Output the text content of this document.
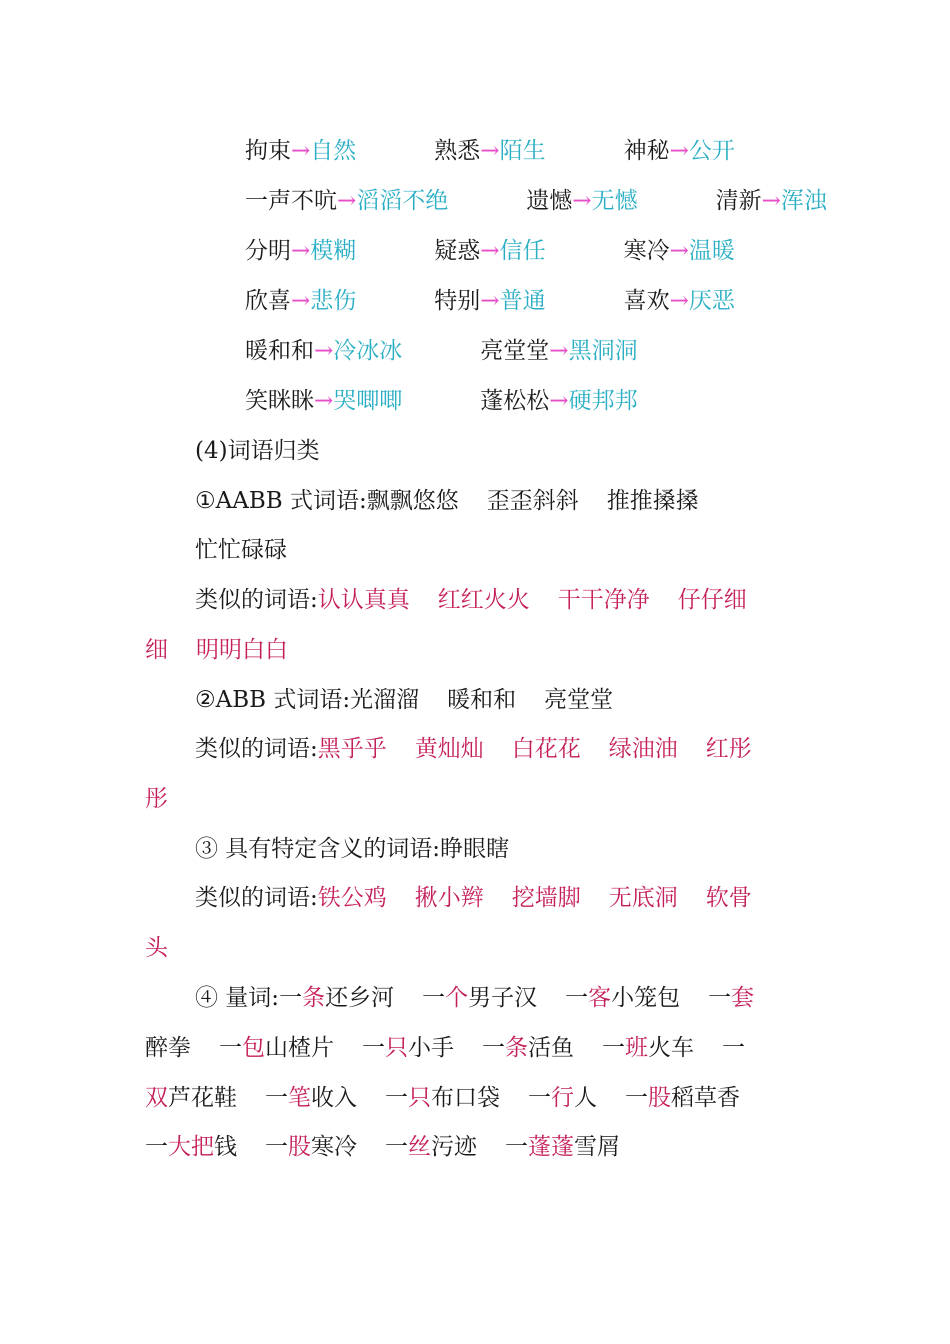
拘束→自然	熟悉→陌生	神秘→公开
一声不吭→滔滔不绝	遗憾→无憾	清新→浑浊
分明→模糊	疑惑→信任	寒冷→温暖
欣喜→悲伤	特别→普通	喜欢→厌恶
暖和和→冷冰冰	亮堂堂→黑洞洞
笑眯眯→哭唧唧	蓬松松→硬邦邦
(4)词语归类
①AABB 式词语:飘飘悠悠 歪歪斜斜 推推搡搡
忙忙碌碌
类似的词语:认认真真 红红火火 干干净净 仔仔细
细 明明白白
②ABB 式词语:光溜溜 暖和和 亮堂堂
类似的词语:黑乎乎 黄灿灿 白花花 绿油油 红彤
彤
③ 具有特定含义的词语:睁眼瞎
类似的词语:铁公鸡 揪小辫 挖墙脚 无底洞 软骨
头
④ 量词:一条还乡河 一个男子汉 一客小笼包 一套
醉拳 一包山楂片 一只小手 一条活鱼 一班火车 一
双芦花鞋 一笔收入 一只布口袋 一行人 一股稻草香
一大把钱 一股寒冷 一丝污迹 一蓬蓬雪屑
